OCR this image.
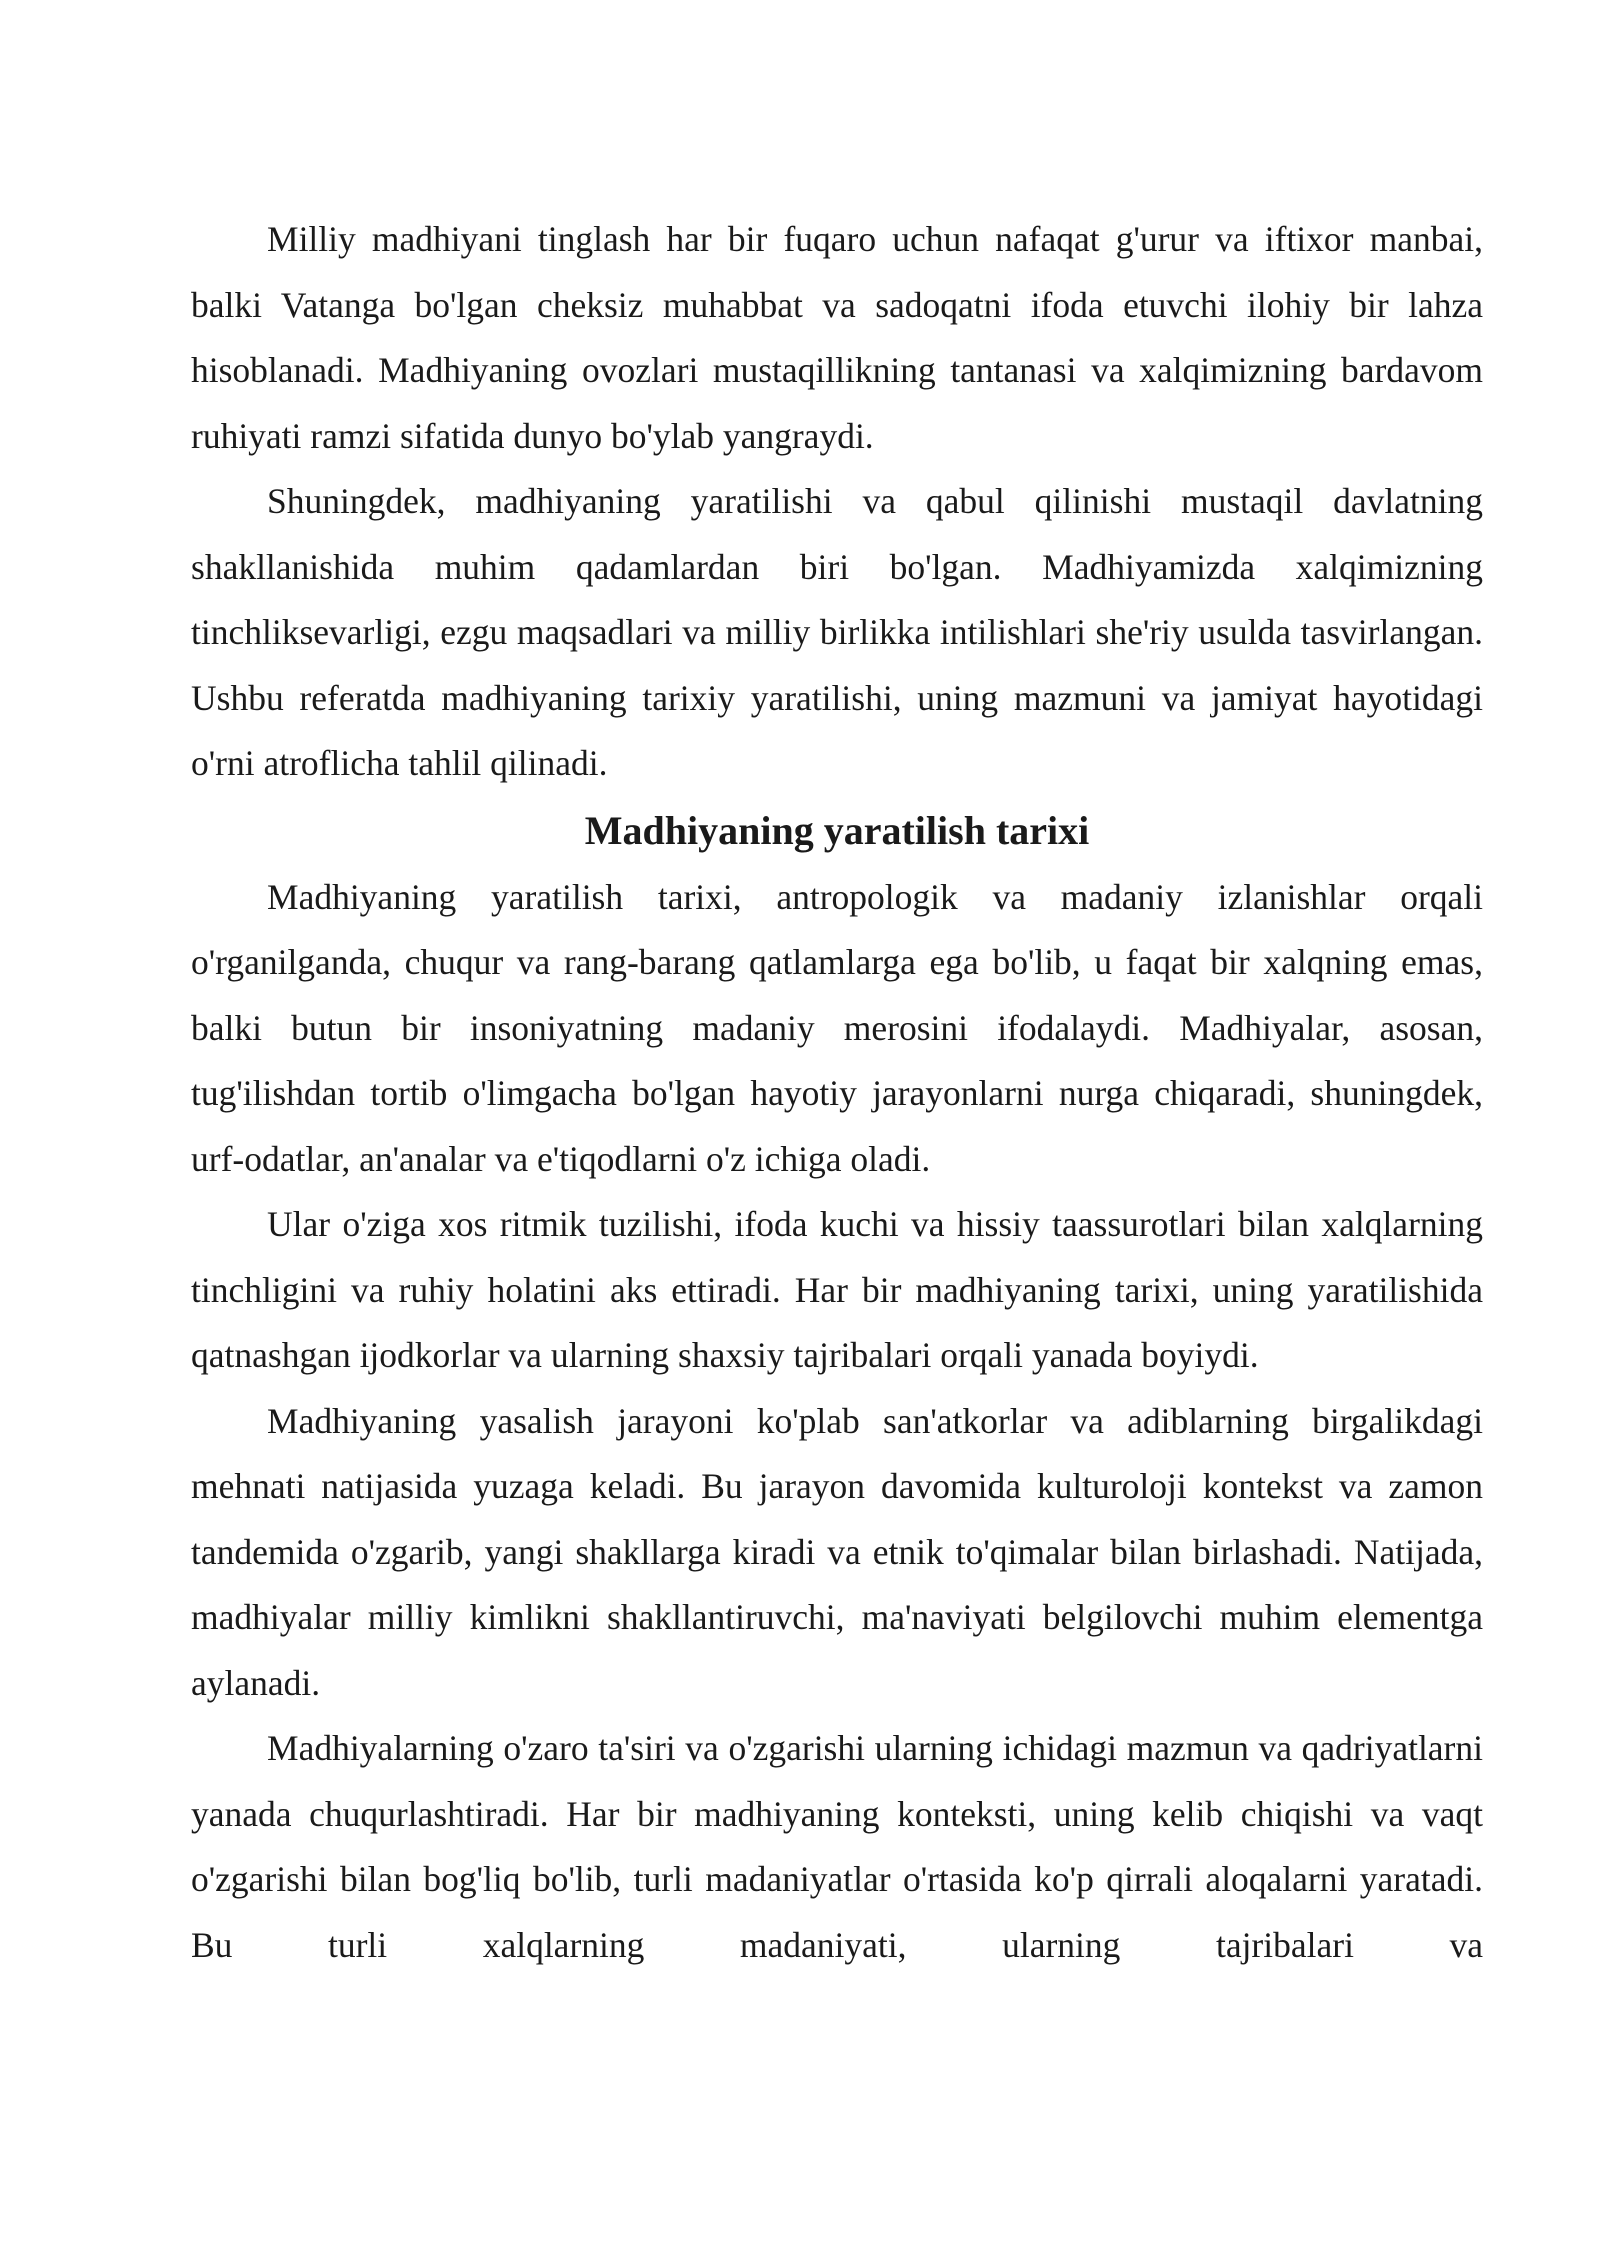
Milliy madhiyani tinglash har bir fuqaro uchun nafaqat g'urur va iftixor manbai, balki Vatanga bo'lgan cheksiz muhabbat va sadoqatni ifoda etuvchi ilohiy bir lahza hisoblanadi. Madhiyaning ovozlari mustaqillikning tantanasi va xalqimizning bardavom ruhiyati ramzi sifatida dunyo bo'ylab yangraydi.

Shuningdek, madhiyaning yaratilishi va qabul qilinishi mustaqil davlatning shakllanishida muhim qadamlardan biri bo'lgan. Madhiyamizda xalqimizning tinchliksevarligi, ezgu maqsadlari va milliy birlikka intilishlari she'riy usulda tasvirlangan. Ushbu referatda madhiyaning tarixiy yaratilishi, uning mazmuni va jamiyat hayotidagi o'rni atroflicha tahlil qilinadi.

Madhiyaning yaratilish tarixi

Madhiyaning yaratilish tarixi, antropologik va madaniy izlanishlar orqali o'rganilganda, chuqur va rang-barang qatlamlarga ega bo'lib, u faqat bir xalqning emas, balki butun bir insoniyatning madaniy merosini ifodalaydi. Madhiyalar, asosan, tug'ilishdan tortib o'limgacha bo'lgan hayotiy jarayonlarni nurga chiqaradi, shuningdek, urf-odatlar, an'analar va e'tiqodlarni o'z ichiga oladi.

Ular o'ziga xos ritmik tuzilishi, ifoda kuchi va hissiy taassurotlari bilan xalqlarning tinchligini va ruhiy holatini aks ettiradi. Har bir madhiyaning tarixi, uning yaratilishida qatnashgan ijodkorlar va ularning shaxsiy tajribalari orqali yanada boyiydi.

Madhiyaning yasalish jarayoni ko'plab san'atkorlar va adiblarning birgalikdagi mehnati natijasida yuzaga keladi. Bu jarayon davomida kulturoloji kontekst va zamon tandemida o'zgarib, yangi shakllarga kiradi va etnik to'qimalar bilan birlashadi. Natijada, madhiyalar milliy kimlikni shakllantiruvchi, ma'naviyati belgilovchi muhim elementga aylanadi.

Madhiyalarning o'zaro ta'siri va o'zgarishi ularning ichidagi mazmun va qadriyatlarni yanada chuqurlashtiradi. Har bir madhiyaning konteksti, uning kelib chiqishi va vaqt o'zgarishi bilan bog'liq bo'lib, turli madaniyatlar o'rtasida ko'p qirrali aloqalarni yaratadi. Bu turli xalqlarning madaniyati, ularning tajribalari va
